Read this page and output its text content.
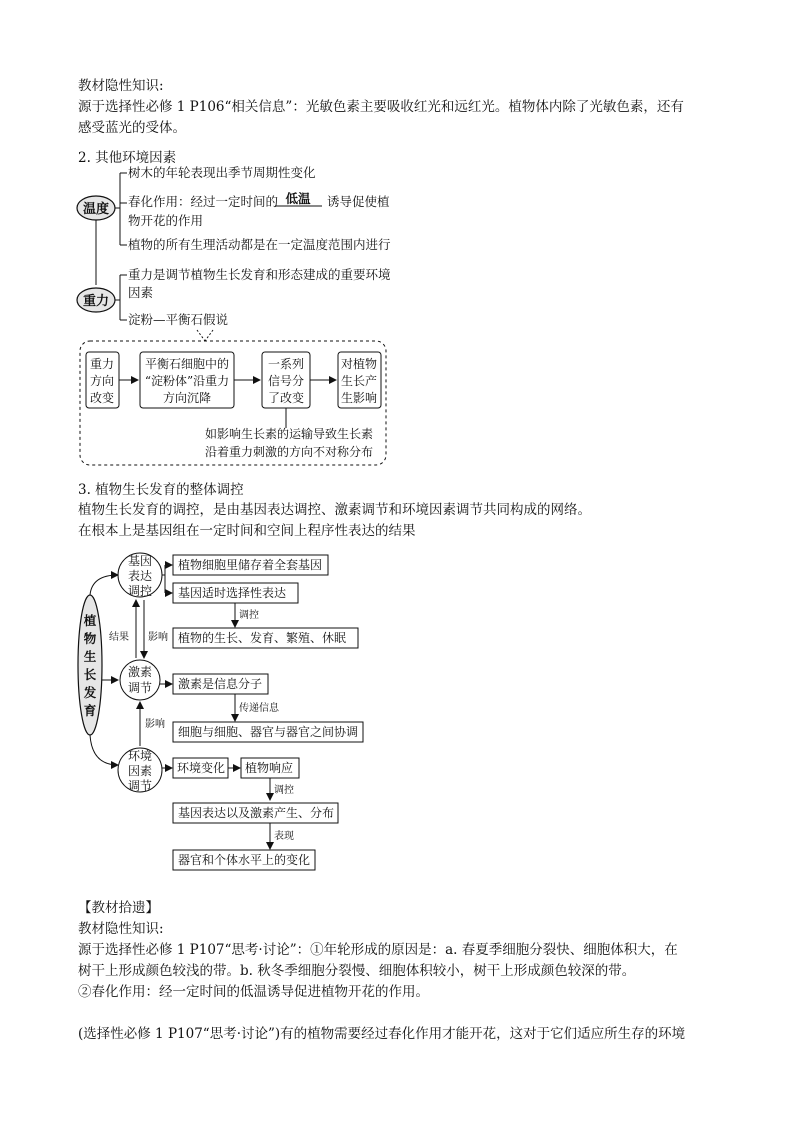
教材隐性知识:
源于选择性必修 1 P106“相关信息”：光敏色素主要吸收红光和远红光。植物体内除了光敏色素，还有
感受蓝光的受体。
2. 其他环境因素
温度
重力
树木的年轮表现出季节周期性变化
春化作用：经过一定时间的 低温 诱导促使植
物开花的作用
植物的所有生理活动都是在一定温度范围内进行
重力是调节植物生长发育和形态建成的重要环境
因素
淀粉—平衡石假说
重力
方向
改变
平衡石细胞中的
“淀粉体”沿重力
方向沉降
一系列
信号分
了改变
对植物
生长产
生影响
如影响生长素的运输导致生长素
沿着重力刺激的方向不对称分布
3. 植物生长发育的整体调控
植物生长发育的调控，是由基因表达调控、激素调节和环境因素调节共同构成的网络。
在根本上是基因组在一定时间和空间上程序性表达的结果
植
物
生
长
发
育
基因
表达
调控
激素
调节
环境
因素
调节
结果 影响
影响
调控
传递信息
调控
表现
植物细胞里储存着全套基因
基因适时选择性表达
植物的生长、发育、繁殖、休眠
激素是信息分子
细胞与细胞、器官与器官之间协调
环境变化 植物响应
基因表达以及激素产生、分布
器官和个体水平上的变化
【教材拾遗】
教材隐性知识:
源于选择性必修 1 P107“思考·讨论”：①年轮形成的原因是：a. 春夏季细胞分裂快、细胞体积大，在
树干上形成颜色较浅的带。b. 秋冬季细胞分裂慢、细胞体积较小，树干上形成颜色较深的带。
②春化作用：经一定时间的低温诱导促进植物开花的作用。
(选择性必修 1 P107“思考·讨论”)有的植物需要经过春化作用才能开花，这对于它们适应所生存的环境
